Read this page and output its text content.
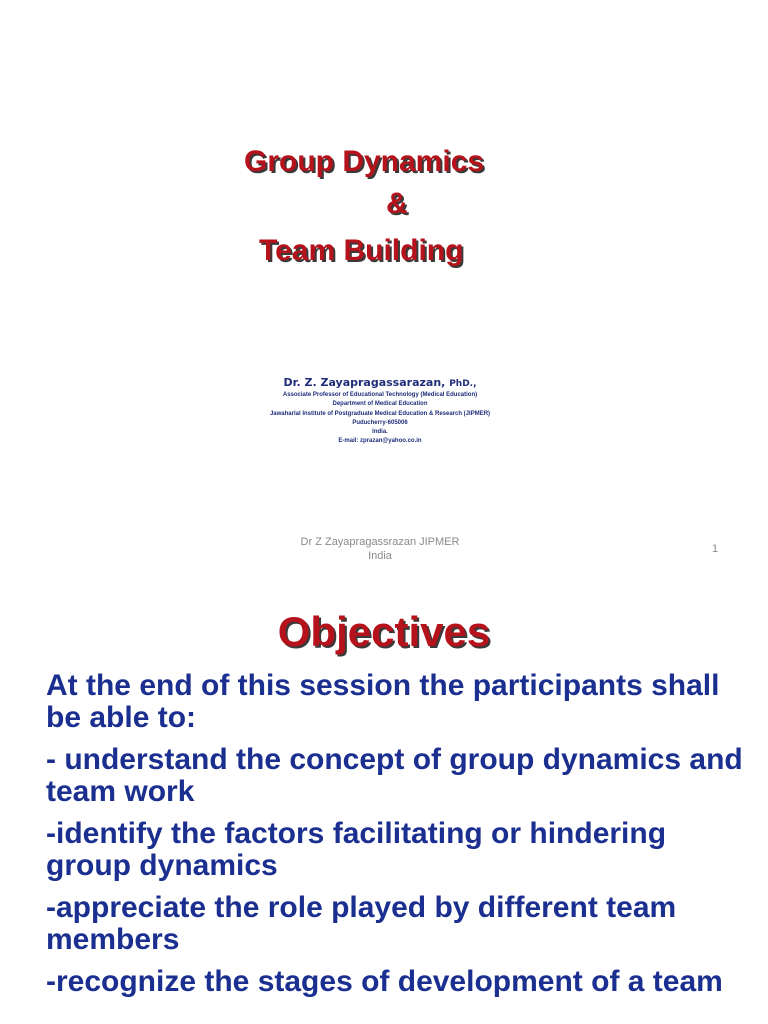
Group Dynamics
&
Team Building
Dr. Z. Zayapragassarazan, PhD.,
Associate Professor of Educational Technology (Medical Education)
Department of Medical Education
Jawaharlal Institute of Postgraduate Medical Education & Research (JIPMER)
Puducherry-605006
India.
E-mail: zprazan@yahoo.co.in
Dr Z Zayapragassrazan JIPMER
India
1
Objectives

At the end of this session the participants shall be able to:

- understand the concept of group dynamics and team work

-identify the factors facilitating or hindering group dynamics

-appreciate the role played by different team members

-recognize the stages of development of a team
